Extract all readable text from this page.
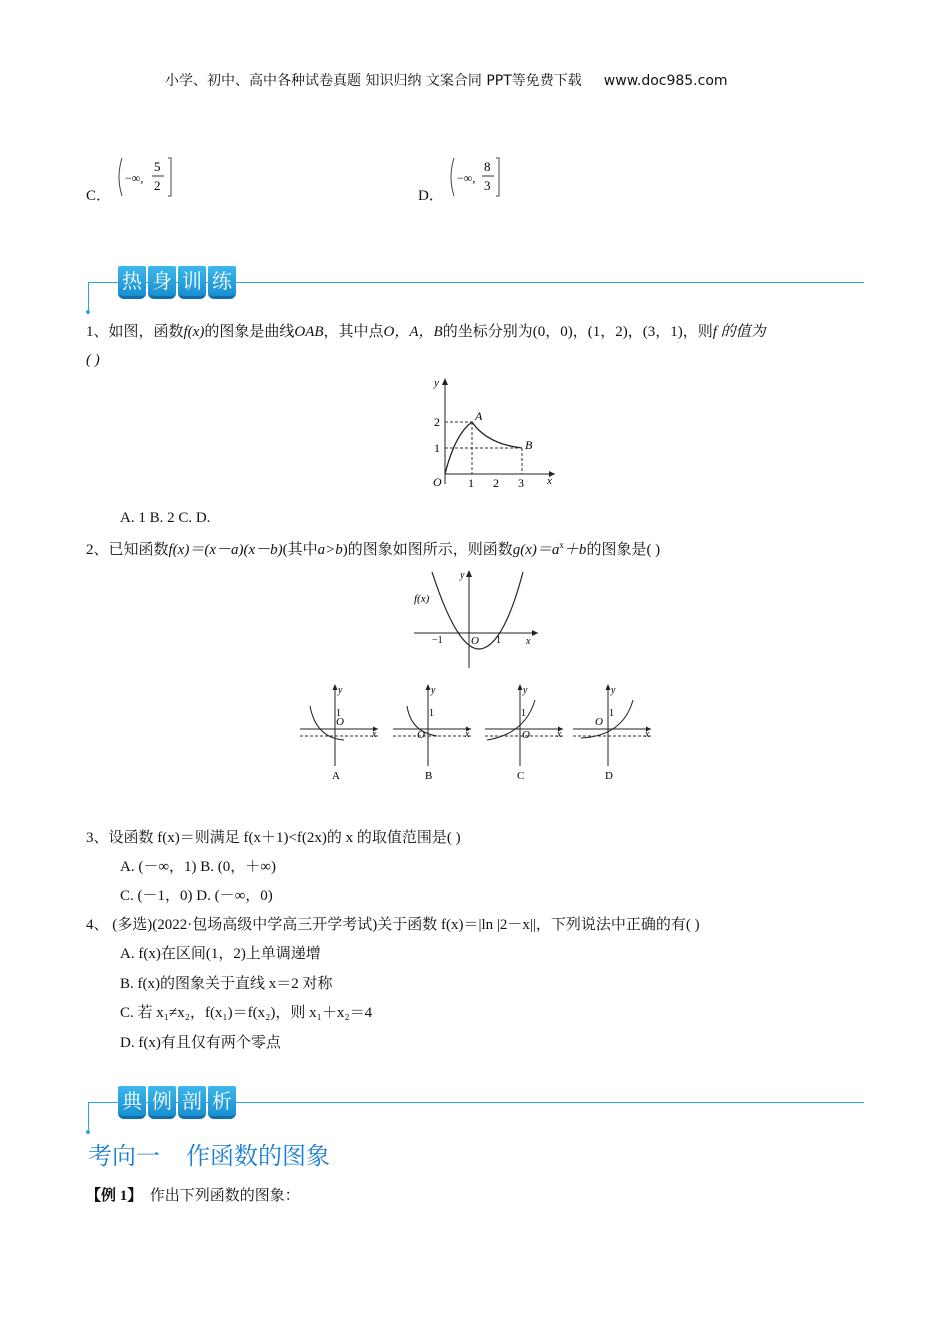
小学、初中、高中各种试卷真题 知识归纳 文案合同 PPT等免费下载 www.doc985.com
C．
−∞,
5
2
D．
−∞,
8
3
热 身 训 练
1、如图，函数f(x)的图象是曲线OAB，其中点O，A，B的坐标分别为(0，0)，(1，2)，(3，1)，则f 的值为
( )
y
x
O
A
B
1 2 3
2
1
A. 1 B. 2 C. D.
2、已知函数f(x)＝(x－a)(x－b)(其中a>b)的图象如图所示，则函数$g(x)=a^x+b$的图象是( )
f(x)
y
x
O
−1	1
y
x
1
O
A
y
x
1
O
B
y
x
1
O
C
y
x
1
O
D
3、设函数 f(x)＝则满足 f(x＋1)<f(2x)的 x 的取值范围是( )
A. (－∞，1) B. (0，＋∞)
C. (－1，0) D. (－∞，0)
4、 (多选)(2022·包场高级中学高三开学考试)关于函数 f(x)＝|ln |2－x||，下列说法中正确的有( )
A. f(x)在区间(1，2)上单调递增
B. f(x)的图象关于直线 x＝2 对称
C. 若 x₁≠x₂，f(x₁)＝f(x₂)，则 x₁＋x₂＝4
D. f(x)有且仅有两个零点
典 例 剖 析
考向一 作函数的图象
【例 1】 作出下列函数的图象：
